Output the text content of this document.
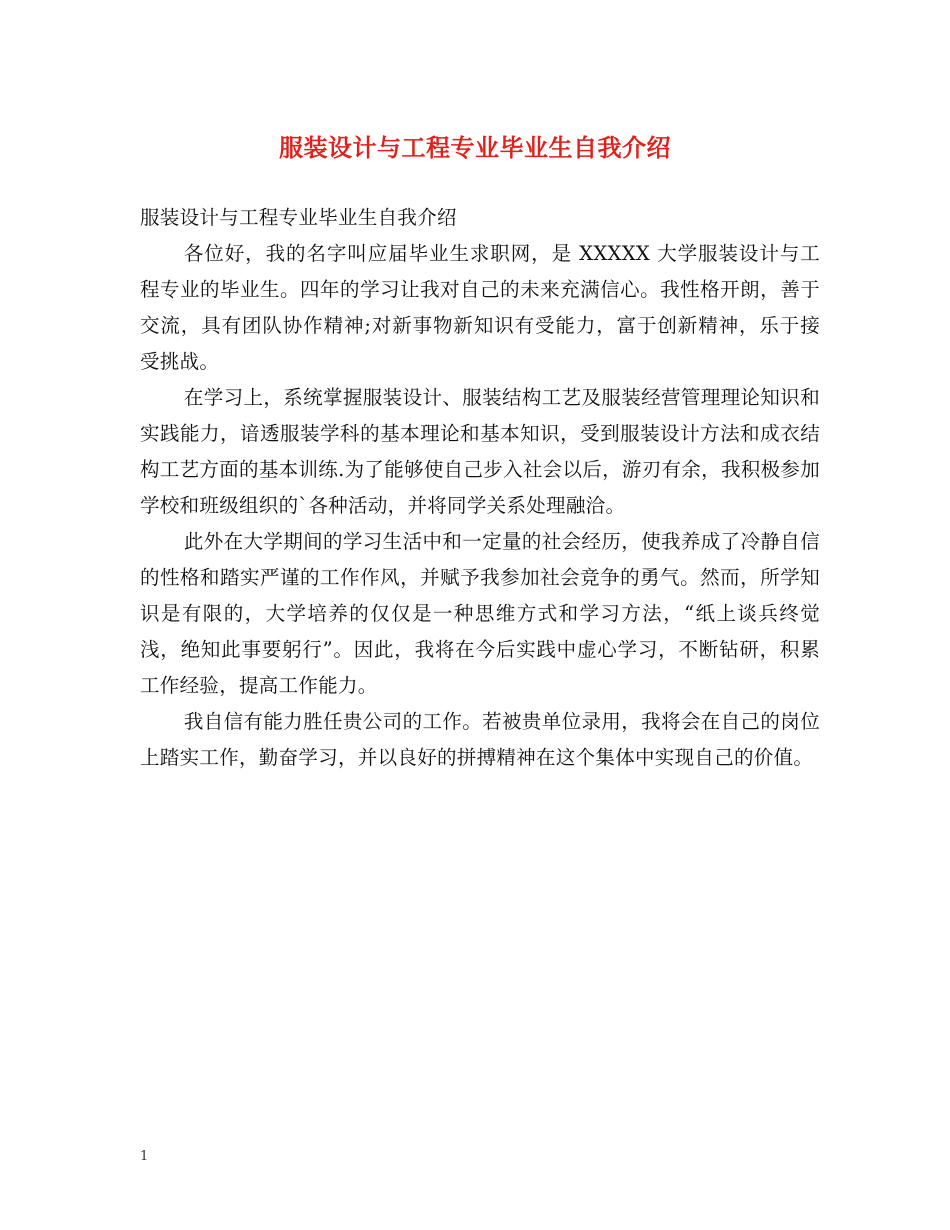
服装设计与工程专业毕业生自我介绍

服装设计与工程专业毕业生自我介绍

各位好，我的名字叫应届毕业生求职网，是 XXXXX 大学服装设计与工程专业的毕业生。四年的学习让我对自己的未来充满信心。我性格开朗，善于交流，具有团队协作精神;对新事物新知识有受能力，富于创新精神，乐于接受挑战。

在学习上，系统掌握服装设计、服装结构工艺及服装经营管理理论知识和实践能力，谙透服装学科的基本理论和基本知识，受到服装设计方法和成衣结构工艺方面的基本训练.为了能够使自己步入社会以后，游刃有余，我积极参加学校和班级组织的`各种活动，并将同学关系处理融洽。

此外在大学期间的学习生活中和一定量的社会经历，使我养成了冷静自信的性格和踏实严谨的工作作风，并赋予我参加社会竞争的勇气。然而，所学知识是有限的，大学培养的仅仅是一种思维方式和学习方法，“纸上谈兵终觉浅，绝知此事要躬行”。因此，我将在今后实践中虚心学习，不断钻研，积累工作经验，提高工作能力。

我自信有能力胜任贵公司的工作。若被贵单位录用，我将会在自己的岗位上踏实工作，勤奋学习，并以良好的拼搏精神在这个集体中实现自己的价值。

1
